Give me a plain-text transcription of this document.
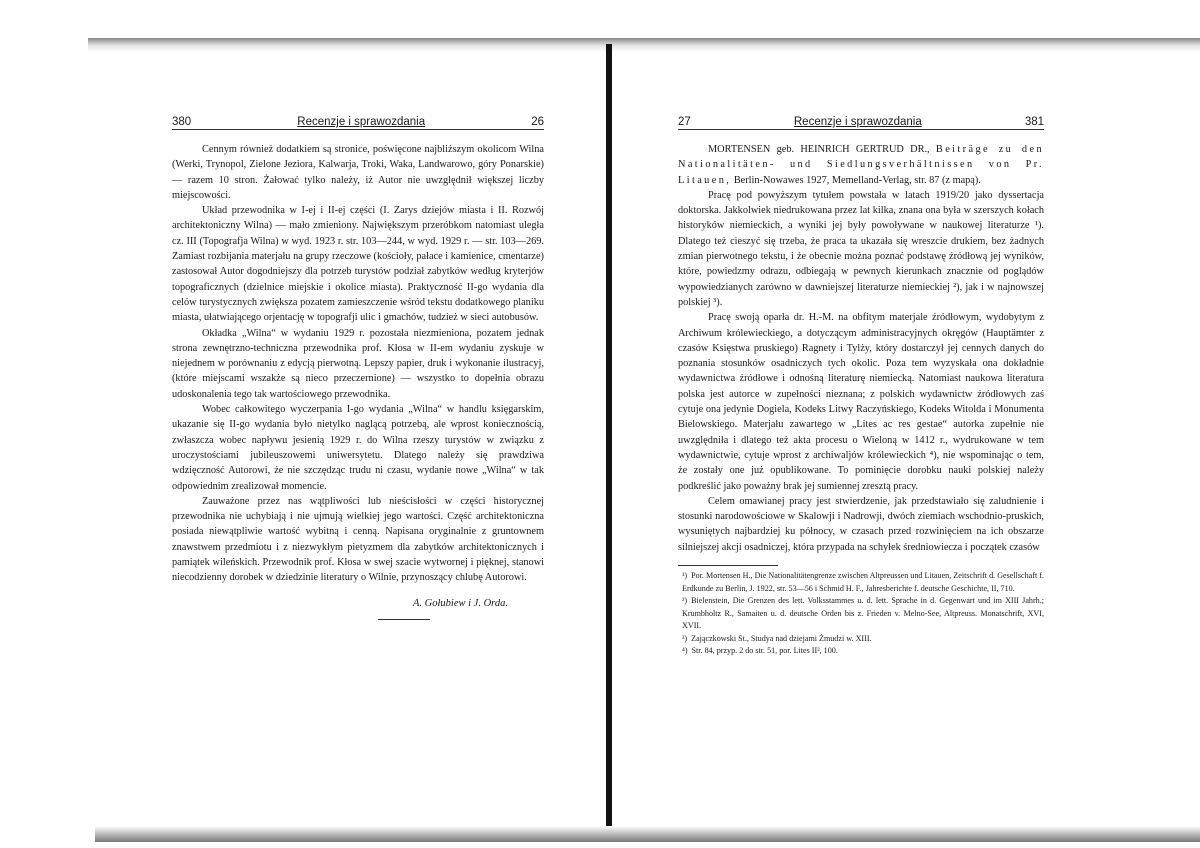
380	Recenzje i sprawozdania	26

Cennym również dodatkiem są stronice, poświęcone najbliższym okolicom Wilna (Werki, Trynopol, Zielone Jeziora, Kalwarja, Troki, Waka, Landwarowo, góry Ponarskie) — razem 10 stron. Żałować tylko należy, iż Autor nie uwzględnił większej liczby miejscowości.

Układ przewodnika w I-ej i II-ej części (I. Zarys dziejów miasta i II. Rozwój architektoniczny Wilna) — mało zmieniony. Największym przeróbkom natomiast uległa cz. III (Topografja Wilna) w wyd. 1923 r. str. 103—244, w wyd. 1929 r. — str. 103—269. Zamiast rozbijania materjału na grupy rzeczowe (kościoły, pałace i kamienice, cmentarze) zastosował Autor dogodniejszy dla potrzeb turystów podział zabytków według kryterjów topograficznych (dzielnice miejskie i okolice miasta). Praktyczność II-go wydania dla celów turystycznych zwiększa pozatem zamieszczenie wśród tekstu dodatkowego planiku miasta, ułatwiającego orjentację w topografji ulic i gmachów, tudzież w sieci autobusów.

Okładka „Wilna“ w wydaniu 1929 r. pozostała niezmieniona, pozatem jednak strona zewnętrzno-techniczna przewodnika prof. Kłosa w II-em wydaniu zyskuje w niejednem w porównaniu z edycją pierwotną. Lepszy papier, druk i wykonanie ilustracyj, (które miejscami wszakże są nieco przeczernione) — wszystko to dopełnia obrazu udoskonalenia tego tak wartościowego przewodnika.

Wobec całkowitego wyczerpania I-go wydania „Wilna“ w handlu księgarskim, ukazanie się II-go wydania było nietylko naglącą potrzebą, ale wprost koniecznością, zwłaszcza wobec napływu jesienią 1929 r. do Wilna rzeszy turystów w związku z uroczystościami jubileuszowemi uniwersytetu. Dlatego należy się prawdziwa wdzięczność Autorowi, że nie szczędząc trudu ni czasu, wydanie nowe „Wilna“ w tak odpowiednim zrealizował momencie.

Zauważone przez nas wątpliwości lub nieścisłości w części historycznej przewodnika nie uchybiają i nie ujmują wielkiej jego wartości. Część architektoniczna posiada niewątpliwie wartość wybitną i cenną. Napisana oryginalnie z gruntownem znawstwem przedmiotu i z niezwykłym pietyzmem dla zabytków architektonicznych i pamiątek wileńskich. Przewodnik prof. Kłosa w swej szacie wytwornej i pięknej, stanowi niecodzienny dorobek w dziedzinie literatury o Wilnie, przynoszący chlubę Autorowi.

A. Gołubiew i J. Orda.

27	Recenzje i sprawozdania	381

MORTENSEN geb. HEINRICH GERTRUD DR., Beiträge zu den Nationalitäten- und Siedlungsverhältnissen von Pr. Litauen, Berlin-Nowawes 1927, Memelland-Verlag, str. 87 (z mapą).

Pracę pod powyższym tytułem powstała w latach 1919/20 jako dyssertacja doktorska. Jakkolwiek niedrukowana przez lat kilka, znana ona była w szerszych kołach historyków niemieckich, a wyniki jej były powoływane w naukowej literaturze ¹). Dlatego też cieszyć się trzeba, że praca ta ukazała się wreszcie drukiem, bez żadnych zmian pierwotnego tekstu, i że obecnie można poznać podstawę źródłową jej wyników, które, powiedzmy odrazu, odbiegają w pewnych kierunkach znacznie od poglądów wypowiedzianych zarówno w dawniejszej literaturze niemieckiej ²), jak i w najnowszej polskiej ³).

Pracę swoją oparła dr. H.-M. na obfitym materjale źródłowym, wydobytym z Archiwum królewieckiego, a dotyczącym administracyjnych okręgów (Hauptämter z czasów Księstwa pruskiego) Ragnety i Tylży, który dostarczył jej cennych danych do poznania stosunków osadniczych tych okolic. Poza tem wyzyskała ona dokładnie wydawnictwa źródłowe i odnośną literaturę niemiecką. Natomiast naukowa literatura polska jest autorce w zupełności nieznana; z polskich wydawnictw źródłowych zaś cytuje ona jedynie Dogiela, Kodeks Litwy Raczyńskiego, Kodeks Witolda i Monumenta Bielowskiego. Materjału zawartego w „Lites ac res gestae“ autorka zupełnie nie uwzględniła i dlatego też akta procesu o Wieloną w 1412 r., wydrukowane w tem wydawnictwie, cytuje wprost z archiwaljów królewieckich ⁴), nie wspominając o tem, że zostały one już opublikowane. To pominięcie dorobku nauki polskiej należy podkreślić jako poważny brak jej sumiennej zresztą pracy.

Celem omawianej pracy jest stwierdzenie, jak przedstawiało się zaludnienie i stosunki narodowościowe w Skalowji i Nadrowji, dwóch ziemiach wschodnio-pruskich, wysuniętych najbardziej ku północy, w czasach przed rozwinięciem na ich obszarze silniejszej akcji osadniczej, która przypada na schyłek średniowiecza i początek czasów

¹) Por. Mortensen H., Die Nationalitätengrenze zwischen Altpreussen und Litauen, Zeitschrift d. Gesellschaft f. Erdkunde zu Berlin, J. 1922, str. 53—56 i Schmid H. F., Jahresberichte f. deutsche Geschichte, II, 710.

²) Bielenstein, Die Grenzen des lett. Volksstammes u. d. lett. Sprache in d. Gegenwart und im XIII Jahrh.; Krumbholtz R., Samaiten u. d. deutsche Orden bis z. Frieden v. Melno-See, Altpreuss. Monatschrift, XVI, XVII.

³) Zajączkowski St., Studya nad dziejami Żmudzi w. XIII.

⁴) Str. 84, przyp. 2 do str. 51, por. Lites II², 100.
